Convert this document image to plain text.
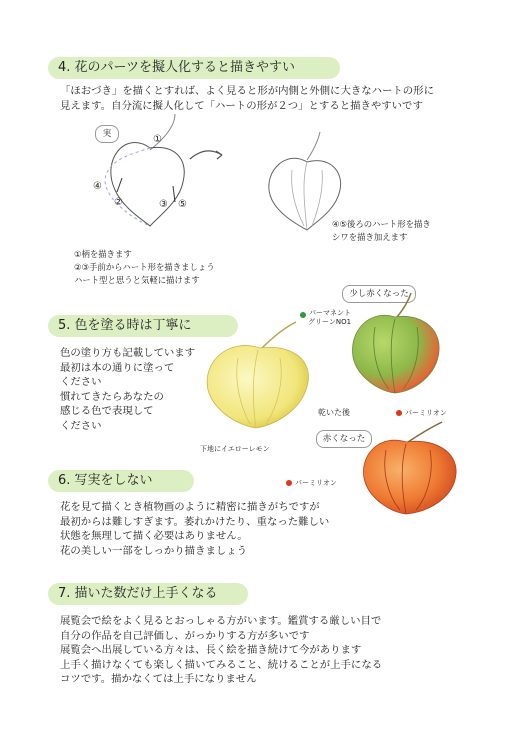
4. 花のパーツを擬人化すると描きやすい
「ほおづき」を描くとすれば、よく見ると形が内側と外側に大きなハートの形に
見えます。自分流に擬人化して「ハートの形が２つ」とすると描きやすいです
実	①
②	③
④
⑤
④⑤後ろのハート形を描き
シワを描き加えます
①柄を描きます
②③手前からハート形を描きましょう
ハート型と思うと気軽に描けます
5. 色を塗る時は丁寧に
色の塗り方も記載しています
最初は本の通りに塗って
ください
慣れてきたらあなたの
感じる色で表現して
ください
下地にイエローレモン
少し赤くなった
パーマネント
グリーンNO1
乾いた後	パーミリオン
赤くなった
パーミリオン
6. 写実をしない
花を見て描くとき植物画のように精密に描きがちですが
最初からは難しすぎます。萎れかけたり、重なった難しい
状態を無理して描く必要はありません。
花の美しい一部をしっかり描きましょう
7. 描いた数だけ上手くなる
展覧会で絵をよく見るとおっしゃる方がいます。鑑賞する厳しい目で
自分の作品を自己評価し、がっかりする方が多いです
展覧会へ出展している方々は、長く絵を描き続けて今があります
上手く描けなくても楽しく描いてみること、続けることが上手になる
コツです。描かなくては上手になりません
